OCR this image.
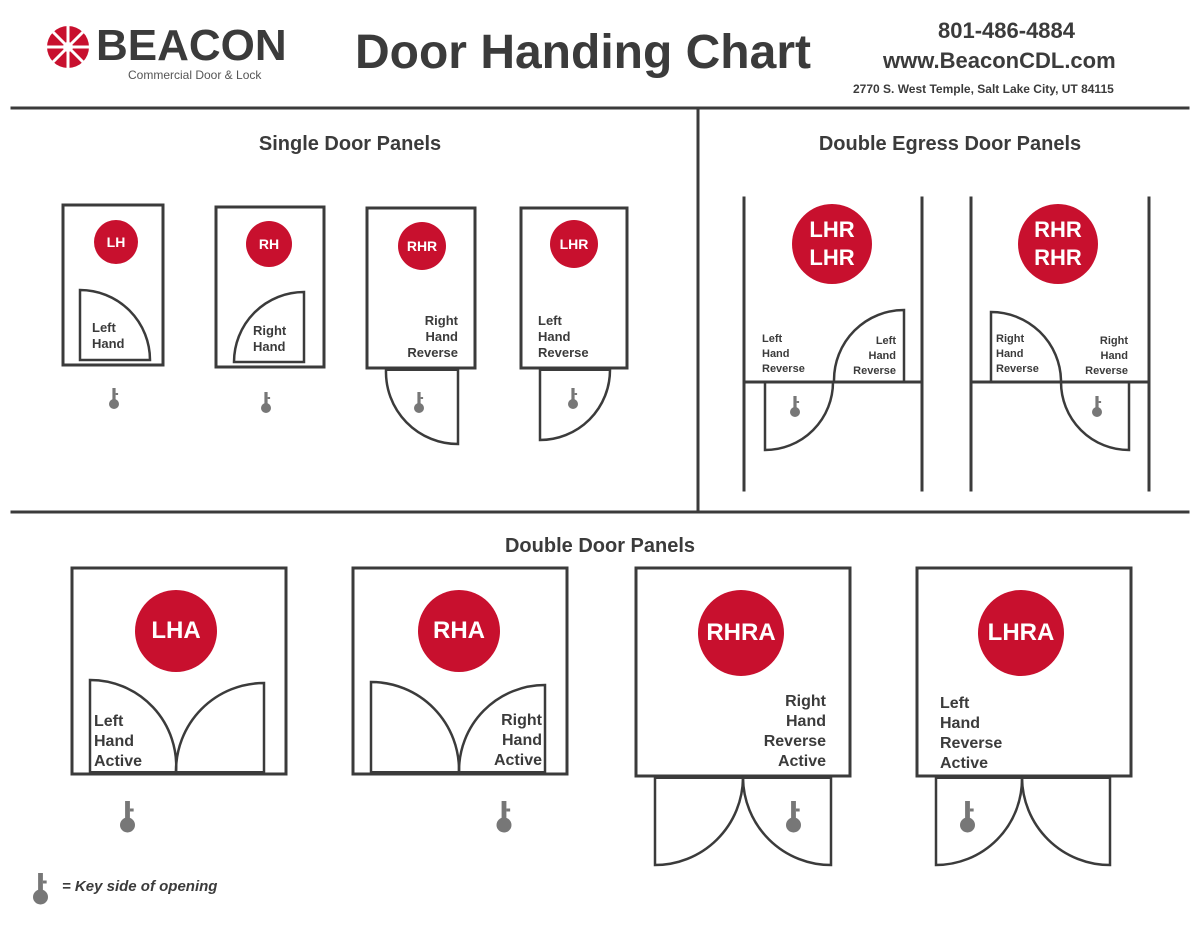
BEACON
Commercial Door & Lock Door Handing Chart	801-486-4884
www.BeaconCDL.com
2770 S. West Temple, Salt Lake City, UT 84115
Single Door Panels	Double Egress Door Panels
Double Door Panels
LH	RH	RHR	LHR
Left
Hand
Right
Hand
Right
Hand
Reverse
Left
Hand
Reverse
LHR
LHR
RHR
RHR
Left
Hand
Reverse
Left
Hand
Reverse
Right
Hand
Reverse
Right
Hand
Reverse
LHA	RHA	RHRA	LHRA
Left
Hand
Active
Right
Hand
Active
Right
Hand
Reverse
Active
Left
Hand
Reverse
Active
= Key side of opening
